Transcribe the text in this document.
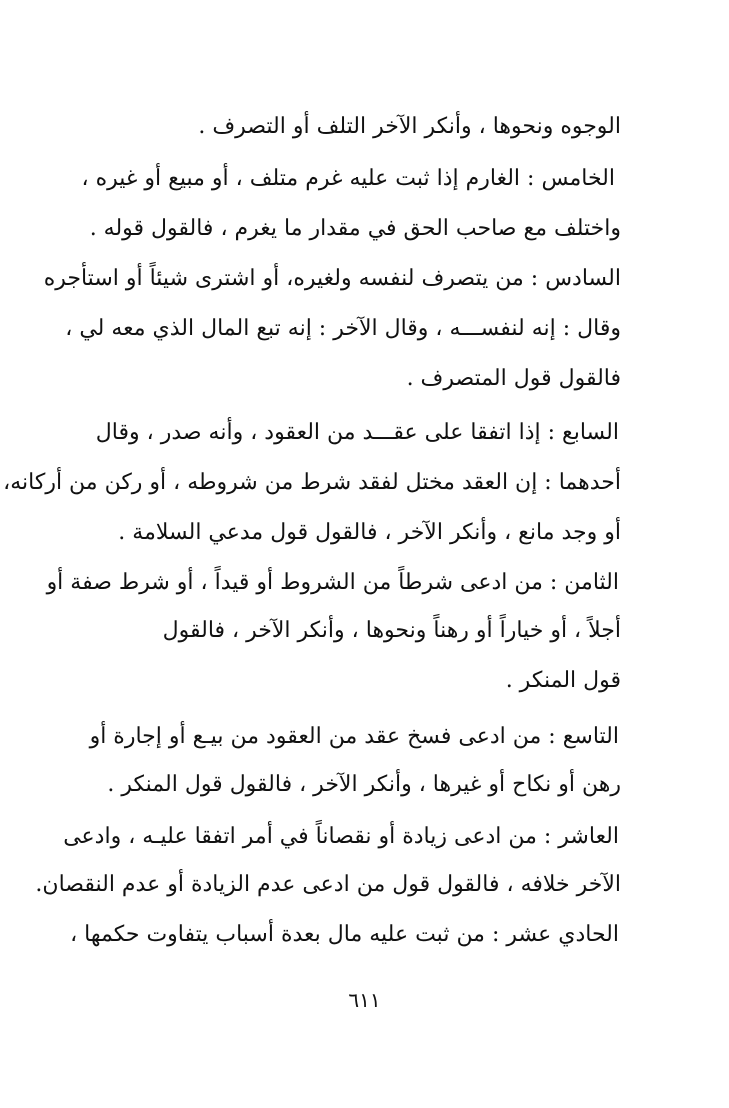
الوجوه ونحوها ، وأنكر الآخر التلف أو التصرف .
الخامس : الغارم إذا ثبت عليه غرم متلف ، أو مبيع أو غيره ،
واختلف مع صاحب الحق في مقدار ما يغرم ، فالقول قوله .
السادس : من يتصرف لنفسه ولغيره، أو اشترى شيئاً أو استأجره
وقال : إنه لنفســـه ، وقال الآخر : إنه تبع المال الذي معه لي ،
فالقول قول المتصرف .
السابع : إذا اتفقا على عقـــد من العقود ، وأنه صدر ، وقال
أحدهما : إن العقد مختل لفقد شرط من شروطه ، أو ركن من أركانه،
أو وجد مانع ، وأنكر الآخر ، فالقول قول مدعي السلامة .
الثامن : من ادعى شرطاً من الشروط أو قيداً ، أو شرط صفة أو
أجلاً ، أو خياراً أو رهناً ونحوها ، وأنكر الآخر ، فالقول
قول المنكر .
التاسع : من ادعى فسخ عقد من العقود من بيـع أو إجارة أو
رهن أو نكاح أو غيرها ، وأنكر الآخر ، فالقول قول المنكر .
العاشر : من ادعى زيادة أو نقصاناً في أمر اتفقا عليـه ، وادعى
الآخر خلافه ، فالقول قول من ادعى عدم الزيادة أو عدم النقصان.
الحادي عشر : من ثبت عليه مال بعدة أسباب يتفاوت حكمها ،
٦١١
